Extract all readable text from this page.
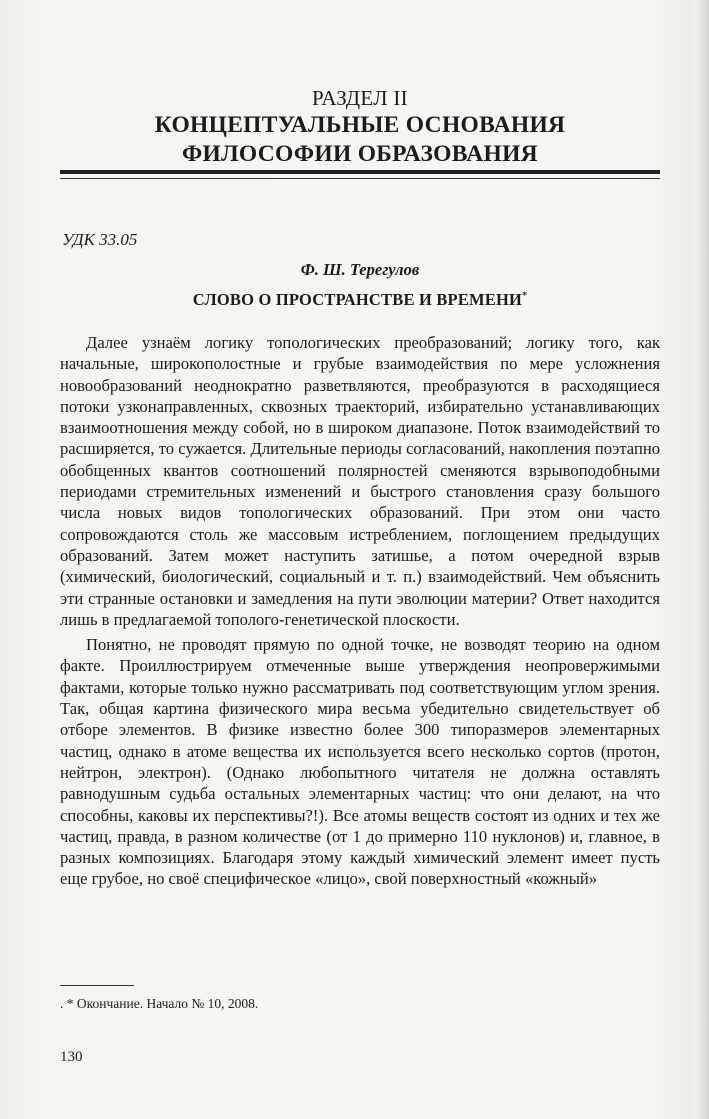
РАЗДЕЛ II
КОНЦЕПТУАЛЬНЫЕ ОСНОВАНИЯ
ФИЛОСОФИИ ОБРАЗОВАНИЯ
УДК 33.05
Ф. Ш. Терегулов
СЛОВО О ПРОСТРАНСТВЕ И ВРЕМЕНИ*

Далее узнаём логику топологических преобразований; логику того, как начальные, широкополостные и грубые взаимодействия по мере усложнения новообразований неоднократно разветвляются, преобразуются в расходящиеся потоки узконаправленных, сквозных траекторий, избирательно устанавливающих взаимоотношения между собой, но в широком диапазоне. Поток взаимодействий то расширяется, то сужается. Длительные периоды согласований, накопления поэтапно обобщенных квантов соотношений полярностей сменяются взрывоподобными периодами стремительных изменений и быстрого становления сразу большого числа новых видов топологических образований. При этом они часто сопровождаются столь же массовым истреблением, поглощением предыдущих образований. Затем может наступить затишье, а потом очередной взрыв (химический, биологический, социальный и т. п.) взаимодействий. Чем объяснить эти странные остановки и замедления на пути эволюции материи? Ответ находится лишь в предлагаемой тополого-генетической плоскости.

Понятно, не проводят прямую по одной точке, не возводят теорию на одном факте. Проиллюстрируем отмеченные выше утверждения неопровержимыми фактами, которые только нужно рассматривать под соответствующим углом зрения. Так, общая картина физического мира весьма убедительно свидетельствует об отборе элементов. В физике известно более 300 типоразмеров элементарных частиц, однако в атоме вещества их используется всего несколько сортов (протон, нейтрон, электрон). (Однако любопытного читателя не должна оставлять равнодушным судьба остальных элементарных частиц: что они делают, на что способны, каковы их перспективы?!). Все атомы веществ состоят из одних и тех же частиц, правда, в разном количестве (от 1 до примерно 110 нуклонов) и, главное, в разных композициях. Благодаря этому каждый химический элемент имеет пусть еще грубое, но своё специфическое «лицо», свой поверхностный «кожный»

. * Окончание. Начало № 10, 2008.
130
